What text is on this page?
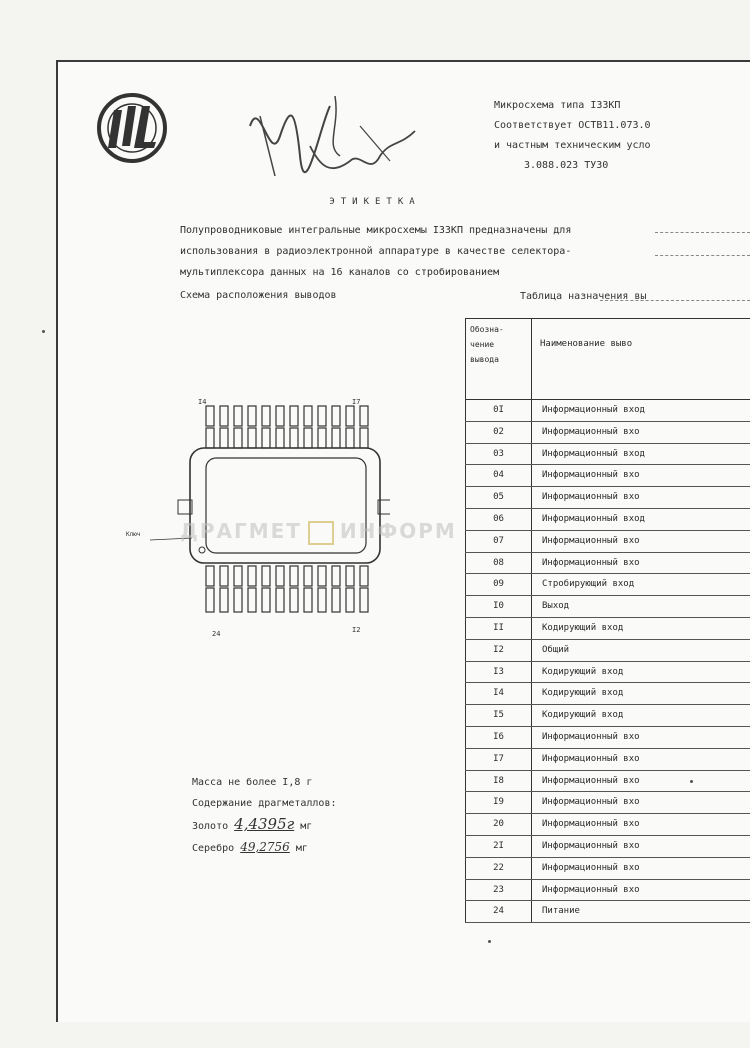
Микросхема типа I33КП
Соответствует ОСТВ11.073.0
и частным техническим усло
3.088.023 ТУ30
ЭТИКЕТКА
Полупроводниковые интегральные микросхемы I33КП предназначены для
использования в радиоэлектронной аппаратуре в качестве селектора-
мультиплексора данных на 16 каналов со стробированием
Схема расположения выводов	Таблица назначения вы
I4	I7
24	I2
Ключ
Обозна-
чение
вывода
Наименование выво
0I	Информационный вход
02	Информационный вхо
03	Информационный вход
04	Информационный вхо
05	Информационный вхо
06	Информационный вход
07	Информационный вхо
08	Информационный вхо
09	Стробирующий вход
I0	Выход
II	Кодирующий вход
I2	Общий
I3	Кодирующий вход
I4	Кодирующий вход
I5	Кодирующий вход
I6	Информационный вхо
I7	Информационный вхо
I8	Информационный вхо
I9	Информационный вхо
20	Информационный вхо
2I	Информационный вхо
22	Информационный вхо
23	Информационный вхо
24	Питание
Масса не более I,8 г
Содержание драгметаллов:
Золото 4,4395г мг
Серебро 49,2756 мг
ДРАГМЕТ ИНФОРМ
